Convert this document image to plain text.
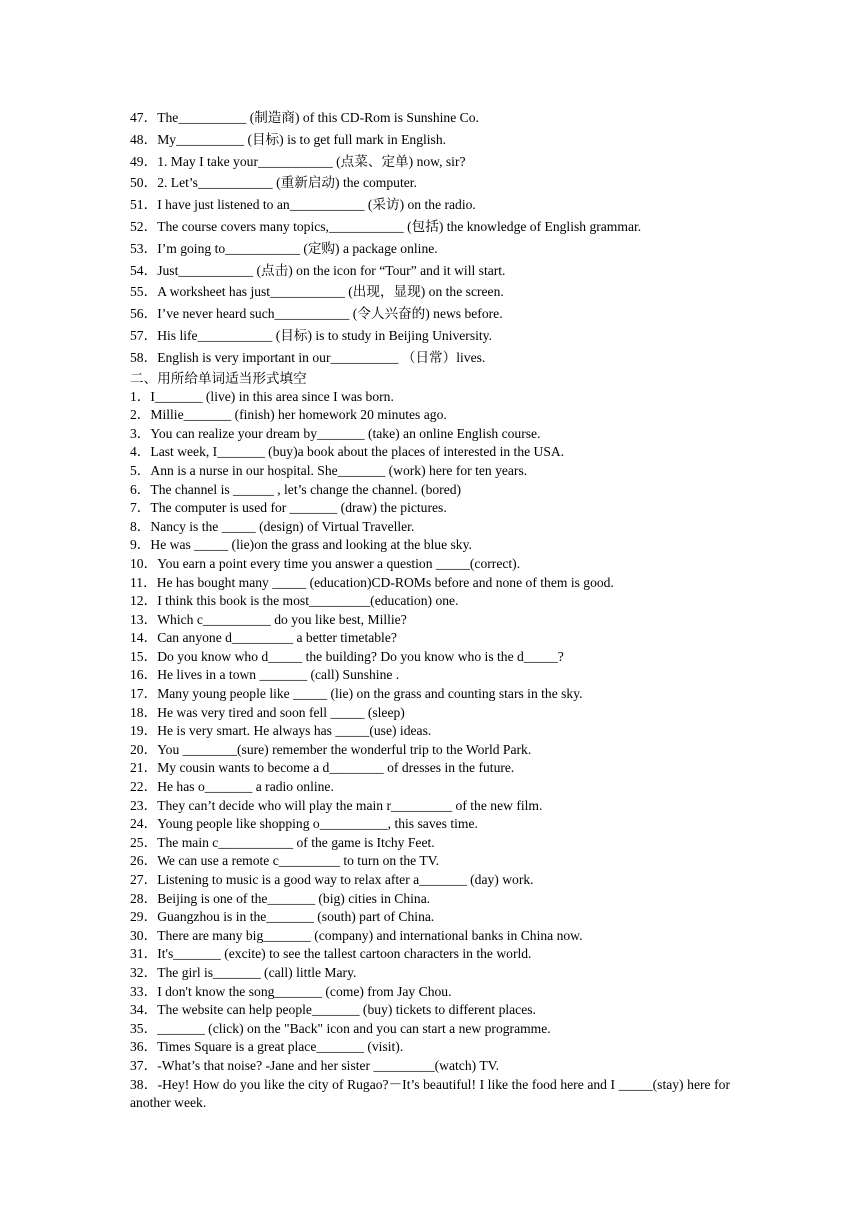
47．The__________ (制造商) of this CD-Rom is Sunshine Co.
48．My__________ (目标) is to get full mark in English.
49．1. May I take your___________ (点菜、定单) now, sir?
50．2. Let’s___________ (重新启动) the computer.
51．I have just listened to an___________ (采访) on the radio.
52．The course covers many topics,___________ (包括) the knowledge of English grammar.
53．I’m going to___________ (定购) a package online.
54．Just___________ (点击) on the icon for “Tour” and it will start.
55．A worksheet has just___________ (出现，显现) on the screen.
56．I’ve never heard such___________ (令人兴奋的) news before.
57．His life___________ (目标) is to study in Beijing University.
58．English is very important in our__________ （日常）lives.
二、用所给单词适当形式填空
1．I_______ (live) in this area since I was born.
2．Millie_______ (finish) her homework 20 minutes ago.
3．You can realize your dream by_______ (take) an online English course.
4．Last week, I_______ (buy)a book about the places of interested in the USA.
5．Ann is a nurse in our hospital. She_______ (work) here for ten years.
6．The channel is ______ , let’s change the channel. (bored)
7．The computer is used for _______ (draw) the pictures.
8．Nancy is the _____ (design) of Virtual Traveller.
9．He was _____ (lie)on the grass and looking at the blue sky.
10．You earn a point every time you answer a question _____(correct).
11．He has bought many _____ (education)CD-ROMs before and none of them is good.
12．I think this book is the most_________(education) one.
13．Which c__________ do you like best, Millie?
14．Can anyone d_________ a better timetable?
15．Do you know who d_____ the building? Do you know who is the d_____?
16．He lives in a town _______ (call) Sunshine .
17．Many young people like _____ (lie) on the grass and counting stars in the sky.
18．He was very tired and soon fell _____ (sleep)
19．He is very smart. He always has _____(use) ideas.
20．You ________(sure) remember the wonderful trip to the World Park.
21．My cousin wants to become a d________ of dresses in the future.
22．He has o_______ a radio online.
23．They can’t decide who will play the main r_________ of the new film.
24．Young people like shopping o__________, this saves time.
25．The main c___________ of the game is Itchy Feet.
26．We can use a remote c_________ to turn on the TV.
27．Listening to music is a good way to relax after a_______ (day) work.
28．Beijing is one of the_______ (big) cities in China.
29．Guangzhou is in the_______ (south) part of China.
30．There are many big_______ (company) and international banks in China now.
31．It's_______ (excite) to see the tallest cartoon characters in the world.
32．The girl is_______ (call) little Mary.
33．I don't know the song_______ (come) from Jay Chou.
34．The website can help people_______ (buy) tickets to different places.
35．_______ (click) on the "Back" icon and you can start a new programme.
36．Times Square is a great place_______ (visit).
37．-What’s that noise? -Jane and her sister _________(watch) TV.
38．-Hey! How do you like the city of Rugao?－It’s beautiful! I like the food here and I _____(stay) here for another week.
